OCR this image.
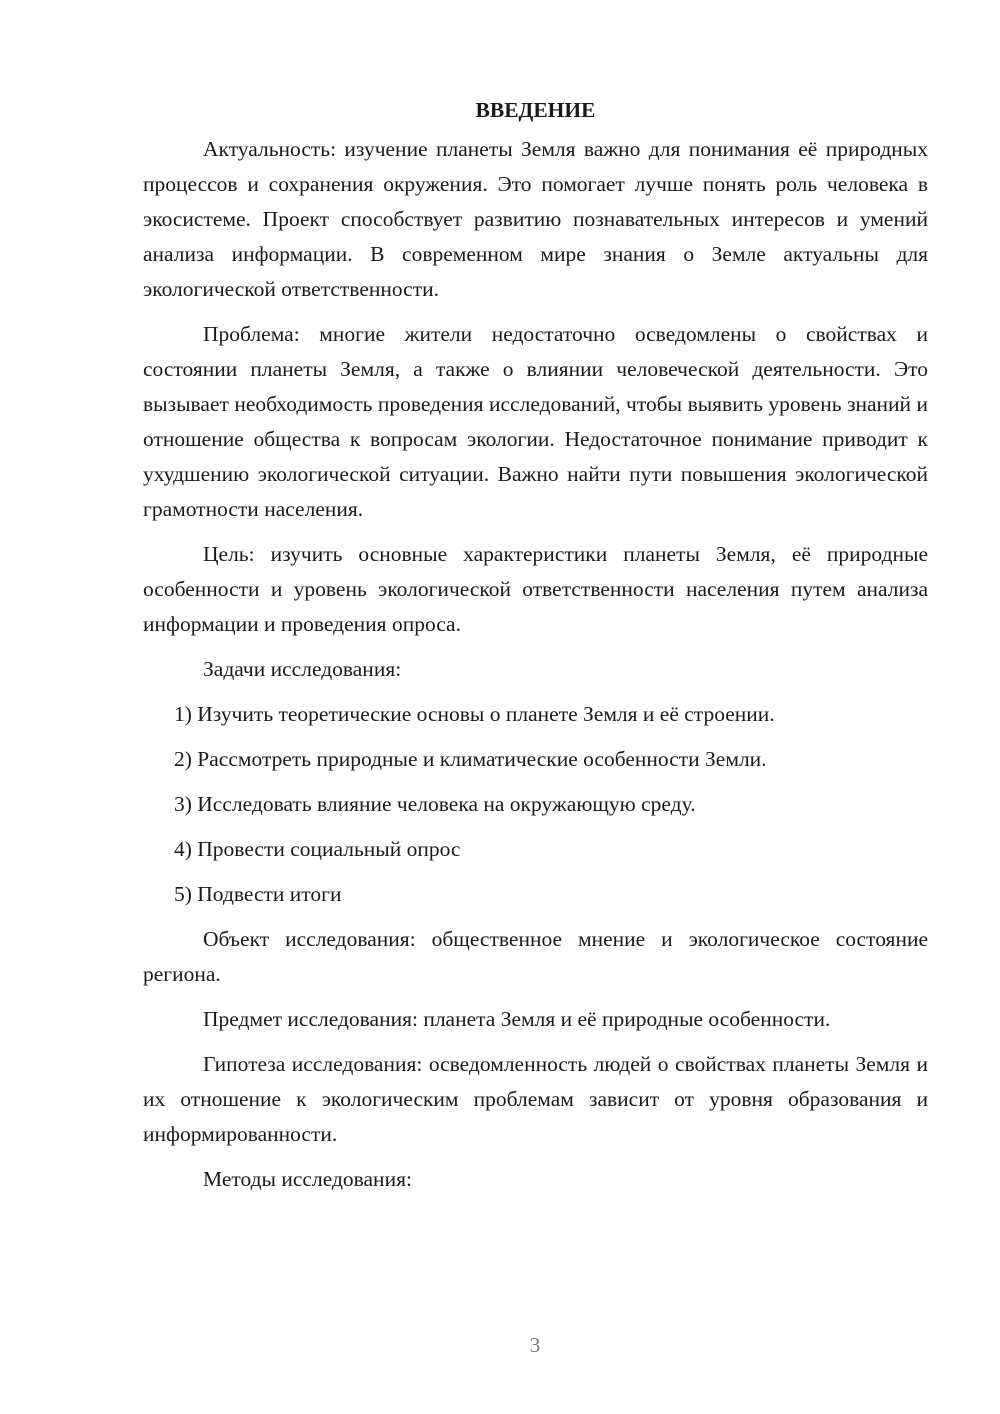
ВВЕДЕНИЕ

Актуальность: изучение планеты Земля важно для понимания её природных процессов и сохранения окружения. Это помогает лучше понять роль человека в экосистеме. Проект способствует развитию познавательных интересов и умений анализа информации. В современном мире знания о Земле актуальны для экологической ответственности.

Проблема: многие жители недостаточно осведомлены о свойствах и состоянии планеты Земля, а также о влиянии человеческой деятельности. Это вызывает необходимость проведения исследований, чтобы выявить уровень знаний и отношение общества к вопросам экологии. Недостаточное понимание приводит к ухудшению экологической ситуации. Важно найти пути повышения экологической грамотности населения.

Цель: изучить основные характеристики планеты Земля, её природные особенности и уровень экологической ответственности населения путем анализа информации и проведения опроса.

Задачи исследования:

1) Изучить теоретические основы о планете Земля и её строении.
2) Рассмотреть природные и климатические особенности Земли.
3) Исследовать влияние человека на окружающую среду.
4) Провести социальный опрос
5) Подвести итоги

Объект исследования: общественное мнение и экологическое состояние региона.

Предмет исследования: планета Земля и её природные особенности.

Гипотеза исследования: осведомленность людей о свойствах планеты Земля и их отношение к экологическим проблемам зависит от уровня образования и информированности.

Методы исследования:

3
